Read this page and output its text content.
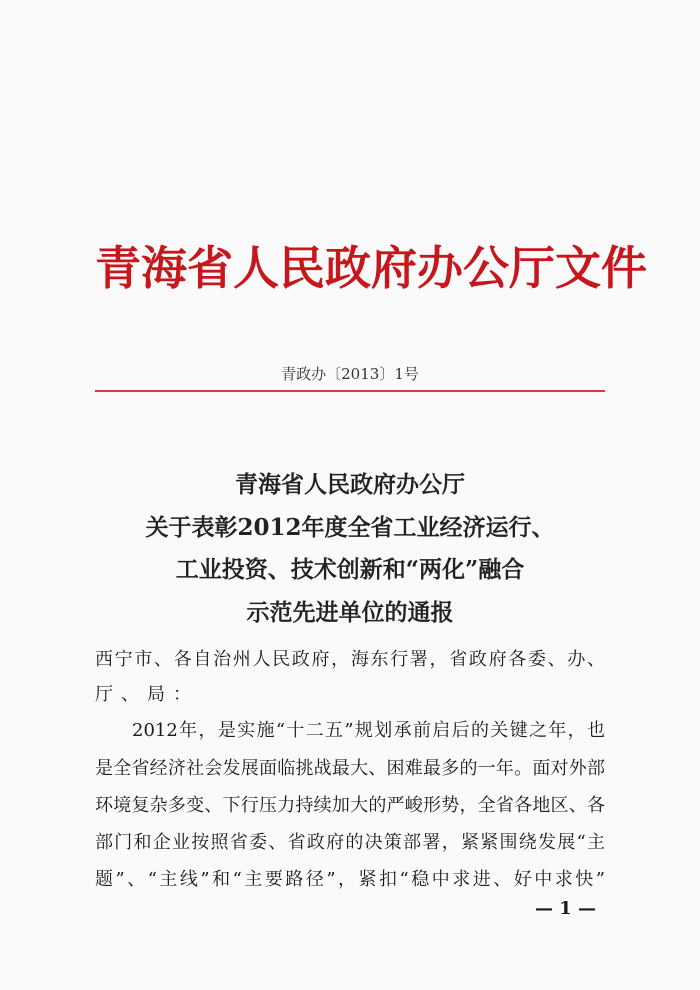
青海省人民政府办公厅文件
青政办〔2013〕1号
青海省人民政府办公厅
关于表彰2012年度全省工业经济运行、
工业投资、技术创新和“两化”融合
示范先进单位的通报
西宁市、各自治州人民政府，海东行署，省政府各委、办、
厅、局：
2012年，是实施“十二五”规划承前启后的关键之年，也
是全省经济社会发展面临挑战最大、困难最多的一年。面对外部
环境复杂多变、下行压力持续加大的严峻形势，全省各地区、各
部门和企业按照省委、省政府的决策部署，紧紧围绕发展“主
题”、“主线”和“主要路径”，紧扣“稳中求进、好中求快”
— 1 —
